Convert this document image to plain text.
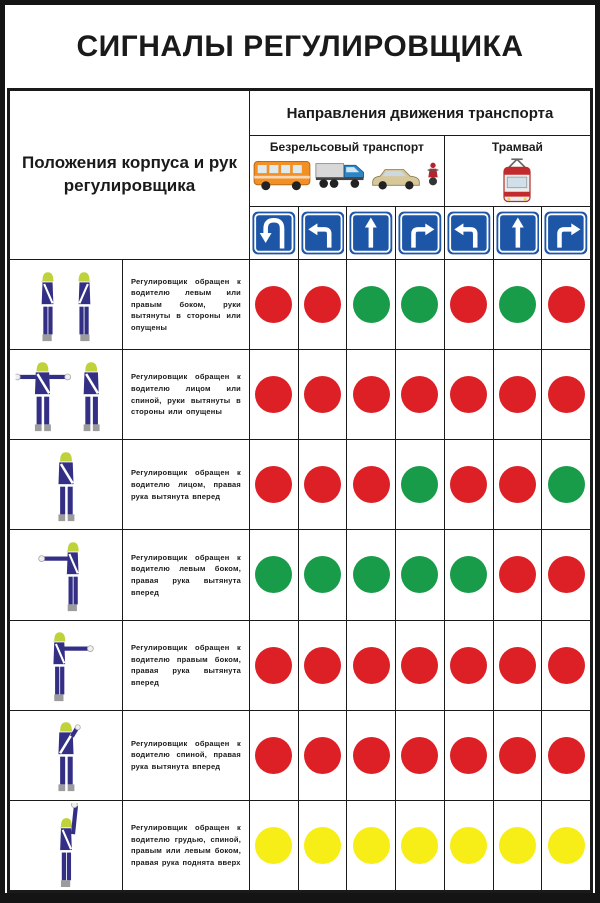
СИГНАЛЫ РЕГУЛИРОВЩИКА
Положения корпуса и рук регулировщика
Направления движения транспорта
Безрельсовый транспорт	Трамвай
Регулировщик обращен к водителю левым или правым боком, руки вытянуты в стороны или опущены
Регулировщик обращен к водителю лицом или спиной, руки вытянуты в стороны или опущены
Регулировщик обращен к водителю лицом, правая рука вытянута вперед
Регулировщик обращен к водителю левым боком, правая рука вытянута вперед
Регулировщик обращен к водителю правым боком, правая рука вытянута вперед
Регулировщик обращен к водителю спиной, правая рука вытянута вперед
Регулировщик обращен к водителю грудью, спиной, правым или левым боком, правая рука поднята вверх
